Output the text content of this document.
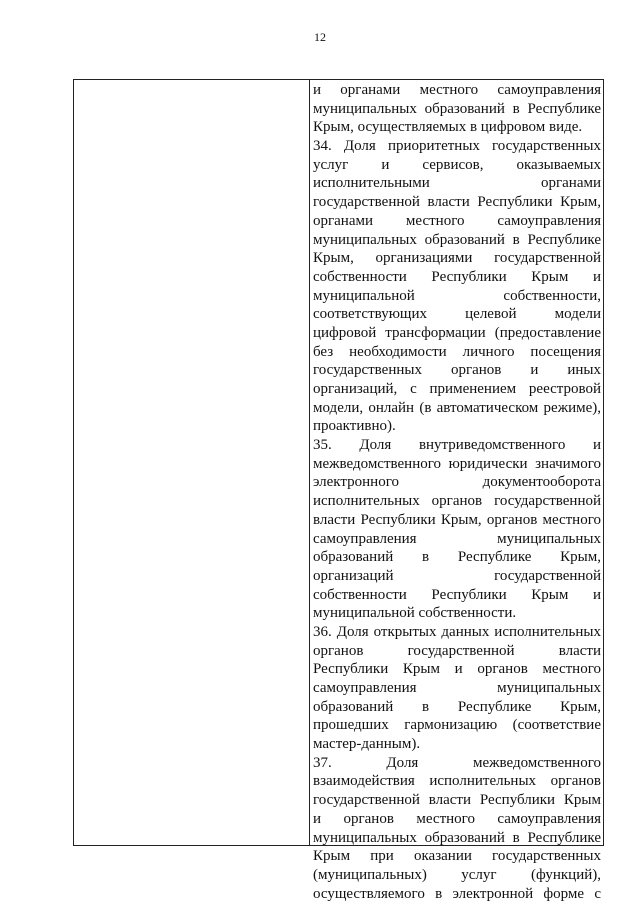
12
и органами местного самоуправления
муниципальных образований в Республике
Крым, осуществляемых в цифровом виде.
34. Доля приоритетных государственных
услуг и сервисов, оказываемых
исполнительными органами
государственной власти Республики Крым,
органами местного самоуправления
муниципальных образований в Республике
Крым, организациями государственной
собственности Республики Крым и
муниципальной собственности,
соответствующих целевой модели
цифровой трансформации (предоставление
без необходимости личного посещения
государственных органов и иных
организаций, с применением реестровой
модели, онлайн (в автоматическом режиме),
проактивно).
35. Доля внутриведомственного и
межведомственного юридически значимого
электронного документооборота
исполнительных органов государственной
власти Республики Крым, органов местного
самоуправления муниципальных
образований в Республике Крым,
организаций государственной
собственности Республики Крым и
муниципальной собственности.
36. Доля открытых данных исполнительных
органов государственной власти
Республики Крым и органов местного
самоуправления муниципальных
образований в Республике Крым,
прошедших гармонизацию (соответствие
мастер-данным).
37. Доля межведомственного
взаимодействия исполнительных органов
государственной власти Республики Крым
и органов местного самоуправления
муниципальных образований в Республике
Крым при оказании государственных
(муниципальных) услуг (функций),
осуществляемого в электронной форме с
